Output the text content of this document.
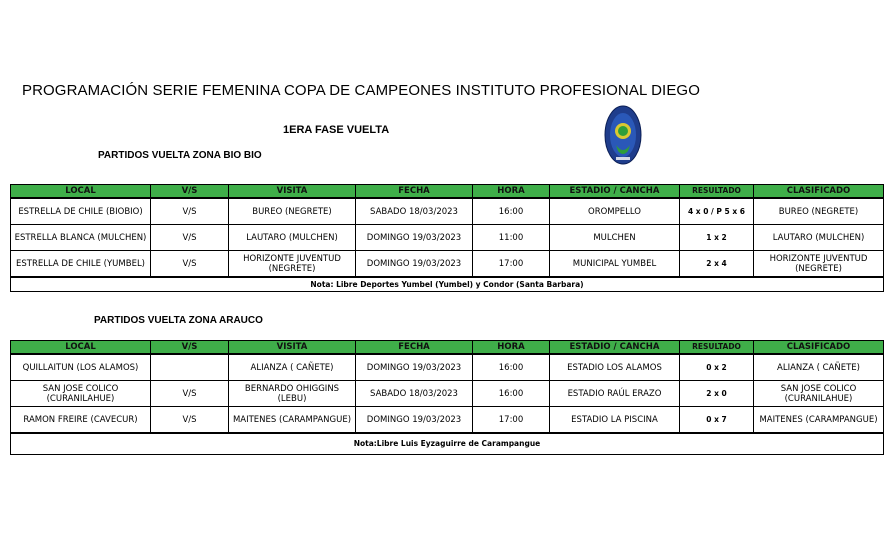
PROGRAMACIÓN SERIE FEMENINA COPA DE CAMPEONES INSTITUTO PROFESIONAL DIEGO
1ERA FASE VUELTA
PARTIDOS VUELTA ZONA BIO BIO
LOCAL	V/S	VISITA	FECHA	HORA	ESTADIO / CANCHA	RESULTADO	CLASIFICADO
ESTRELLA DE CHILE (BIOBIO)	V/S	BUREO (NEGRETE)	SABADO 18/03/2023	16:00	OROMPELLO	4 x 0 / P 5 x 6	BUREO (NEGRETE)
ESTRELLA BLANCA (MULCHEN)	V/S	LAUTARO (MULCHEN)	DOMINGO 19/03/2023	11:00	MULCHEN	1 x 2	LAUTARO (MULCHEN)
ESTRELLA DE CHILE (YUMBEL)	V/S	HORIZONTE JUVENTUD (NEGRETE)	DOMINGO 19/03/2023	17:00	MUNICIPAL YUMBEL	2 x 4	HORIZONTE JUVENTUD (NEGRETE)
Nota: Libre Deportes Yumbel (Yumbel) y Condor (Santa Barbara)							
PARTIDOS VUELTA ZONA ARAUCO
LOCAL	V/S	VISITA	FECHA	HORA	ESTADIO / CANCHA	RESULTADO	CLASIFICADO
QUILLAITUN (LOS ALAMOS)		ALIANZA ( CAÑETE)	DOMINGO 19/03/2023	16:00	ESTADIO LOS ALAMOS	0 x 2	ALIANZA ( CAÑETE)
SAN JOSE COLICO (CURANILAHUE)	V/S	BERNARDO OHIGGINS (LEBU)	SABADO 18/03/2023	16:00	ESTADIO RAÚL ERAZO	2 x 0	SAN JOSE COLICO (CURANILAHUE)
RAMON FREIRE (CAVECUR)	V/S	MAITENES (CARAMPANGUE)	DOMINGO 19/03/2023	17:00	ESTADIO LA PISCINA	0 x 7	MAITENES (CARAMPANGUE)
Nota:Libre Luis Eyzaguirre de Carampangue							
